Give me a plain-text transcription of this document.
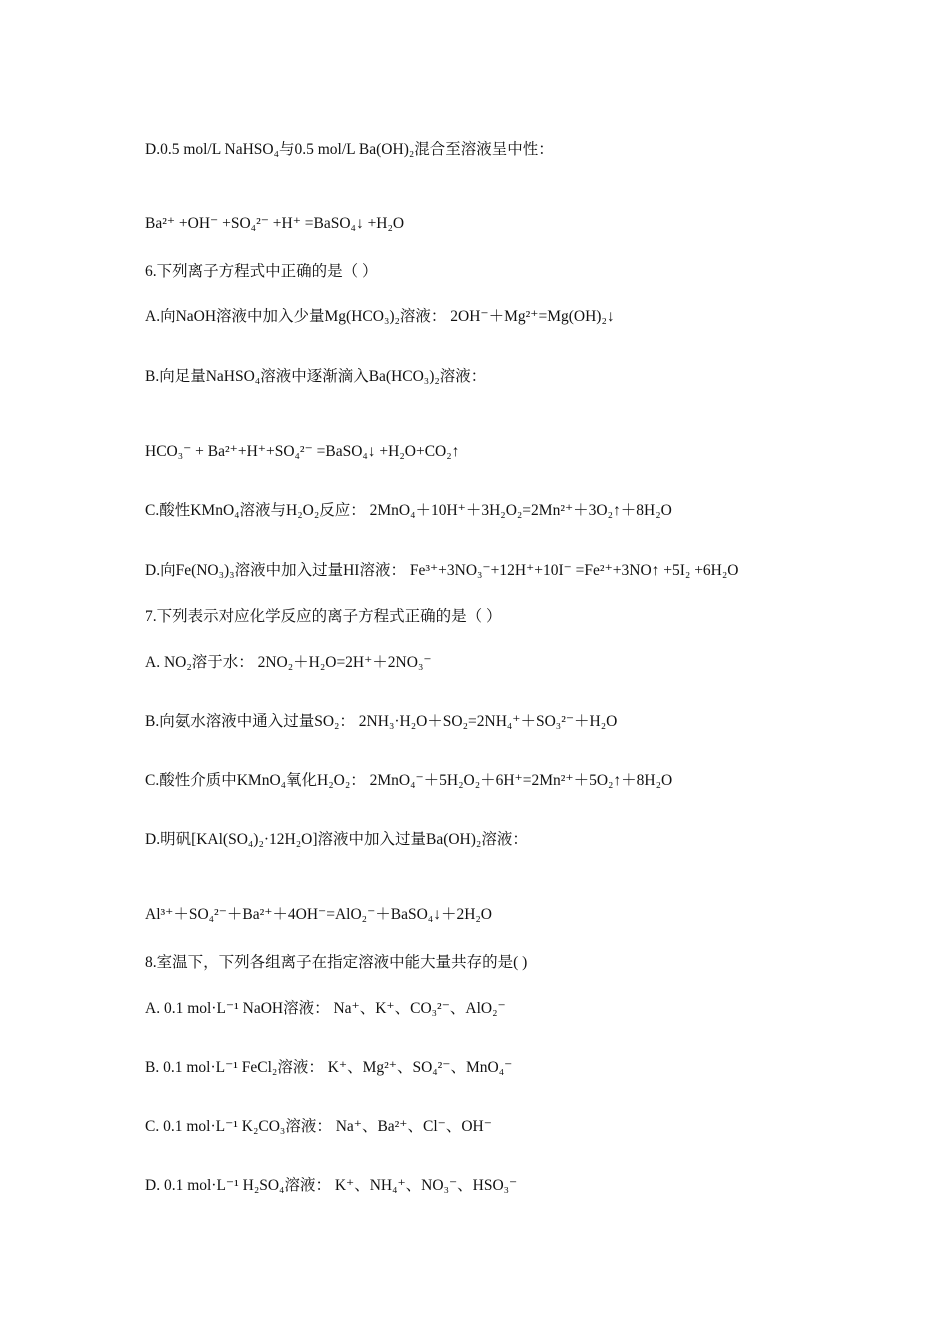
D.0.5 mol/L NaHSO₄与0.5 mol/L Ba(OH)₂混合至溶液呈中性：
Ba²⁺ +OH⁻ +SO₄²⁻ +H⁺ =BaSO₄↓ +H₂O
6.下列离子方程式中正确的是（ ）
A.向NaOH溶液中加入少量Mg(HCO₃)₂溶液： 2OH⁻＋Mg²⁺=Mg(OH)₂↓
B.向足量NaHSO₄溶液中逐渐滴入Ba(HCO₃)₂溶液：
HCO₃⁻ + Ba²⁺+H⁺+SO₄²⁻ =BaSO₄↓ +H₂O+CO₂↑
C.酸性KMnO₄溶液与H₂O₂反应： 2MnO₄＋10H⁺＋3H₂O₂=2Mn²⁺＋3O₂↑＋8H₂O
D.向Fe(NO₃)₃溶液中加入过量HI溶液： Fe³⁺+3NO₃⁻+12H⁺+10I⁻ =Fe²⁺+3NO↑ +5I₂ +6H₂O
7.下列表示对应化学反应的离子方程式正确的是（ ）
A. NO₂溶于水： 2NO₂＋H₂O=2H⁺＋2NO₃⁻
B.向氨水溶液中通入过量SO₂： 2NH₃·H₂O＋SO₂=2NH₄⁺＋SO₃²⁻＋H₂O
C.酸性介质中KMnO₄氧化H₂O₂： 2MnO₄⁻＋5H₂O₂＋6H⁺=2Mn²⁺＋5O₂↑＋8H₂O
D.明矾[KAl(SO₄)₂·12H₂O]溶液中加入过量Ba(OH)₂溶液：
Al³⁺＋SO₄²⁻＋Ba²⁺＋4OH⁻=AlO₂⁻＋BaSO₄↓＋2H₂O
8.室温下，下列各组离子在指定溶液中能大量共存的是( )
A. 0.1 mol·L⁻¹ NaOH溶液： Na⁺、K⁺、CO₃²⁻、AlO₂⁻
B. 0.1 mol·L⁻¹ FeCl₂溶液： K⁺、Mg²⁺、SO₄²⁻、MnO₄⁻
C. 0.1 mol·L⁻¹ K₂CO₃溶液： Na⁺、Ba²⁺、Cl⁻、OH⁻
D. 0.1 mol·L⁻¹ H₂SO₄溶液： K⁺、NH₄⁺、NO₃⁻、HSO₃⁻
